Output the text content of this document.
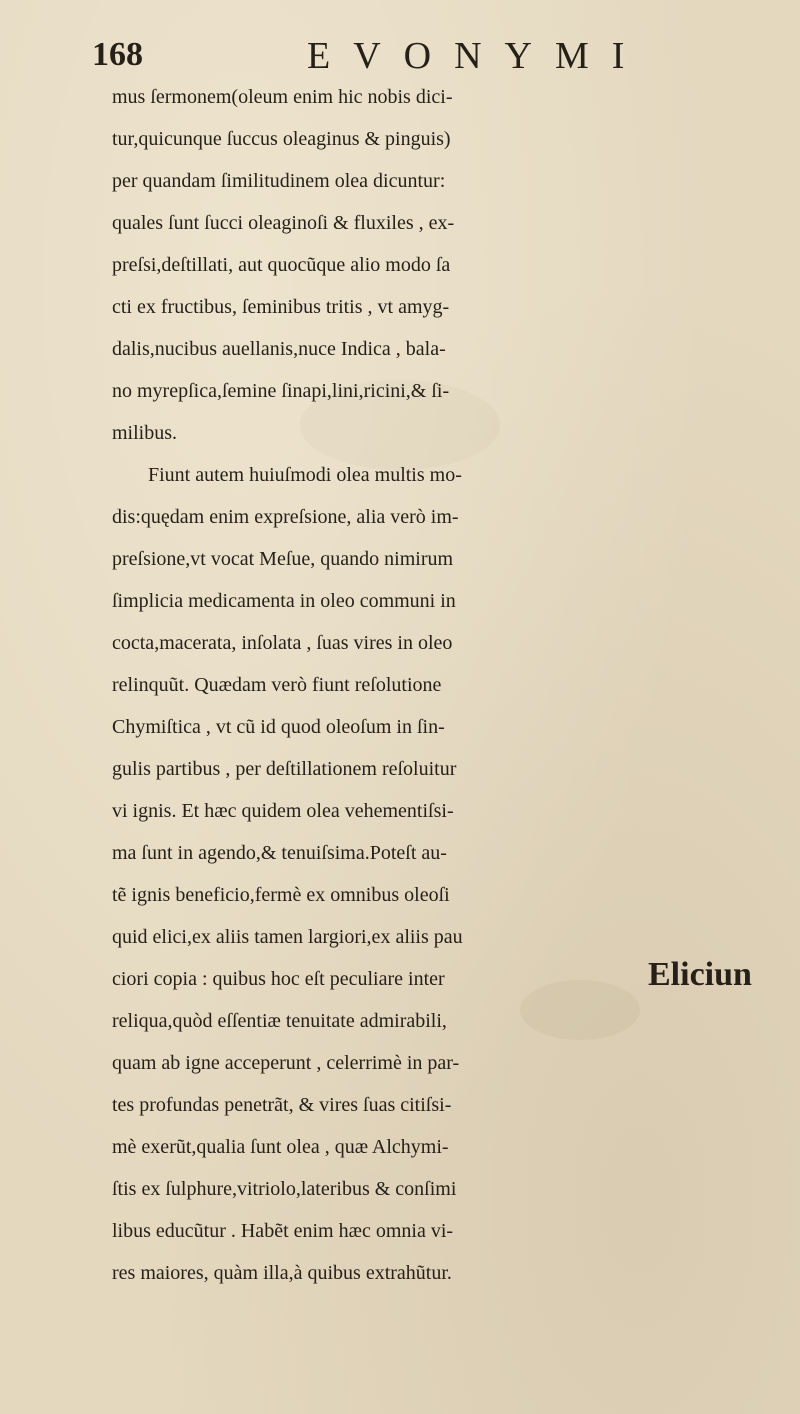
168	EVONYMI
mus ſermonem(oleum enim hic nobis dici-
tur,quicunque ſuccus oleaginus & pinguis)
per quandam ſimilitudinem olea dicuntur:
quales ſunt ſucci oleaginoſi & fluxiles , ex-
preſsi,deſtillati, aut quocũque alio modo ſa
cti ex fructibus, ſeminibus tritis , vt amyg-
dalis,nucibus auellanis,nuce Indica , bala-
no myrepſica,ſemine ſinapi,lini,ricini,& ſi-
milibus.
Fiunt autem huiuſmodi olea multis mo-
dis:quędam enim expreſsione, alia verò im-
preſsione,vt vocat Meſue, quando nimirum
ſimplicia medicamenta in oleo communi in
cocta,macerata, inſolata , ſuas vires in oleo
relinquũt. Quædam verò fiunt reſolutione
Chymiſtica , vt cũ id quod oleoſum in ſin-
gulis partibus , per deſtillationem reſoluitur
vi ignis. Et hæc quidem olea vehementiſsi-
ma ſunt in agendo,& tenuiſsima.Poteſt au-
tẽ ignis beneficio,fermè ex omnibus oleoſi
quid elici,ex aliis tamen largiori,ex aliis pau
ciori copia : quibus hoc eſt peculiare inter
reliqua,quòd eſſentiæ tenuitate admirabili,
quam ab igne acceperunt , celerrimè in par-
tes profundas penetrãt, & vires ſuas citiſsi-
mè exerũt,qualia ſunt olea , quæ Alchymi-
ſtis ex ſulphure,vitriolo,lateribus & conſimi
libus educũtur . Habẽt enim hæc omnia vi-
res maiores, quàm illa,à quibus extrahũtur.
Eliciun
